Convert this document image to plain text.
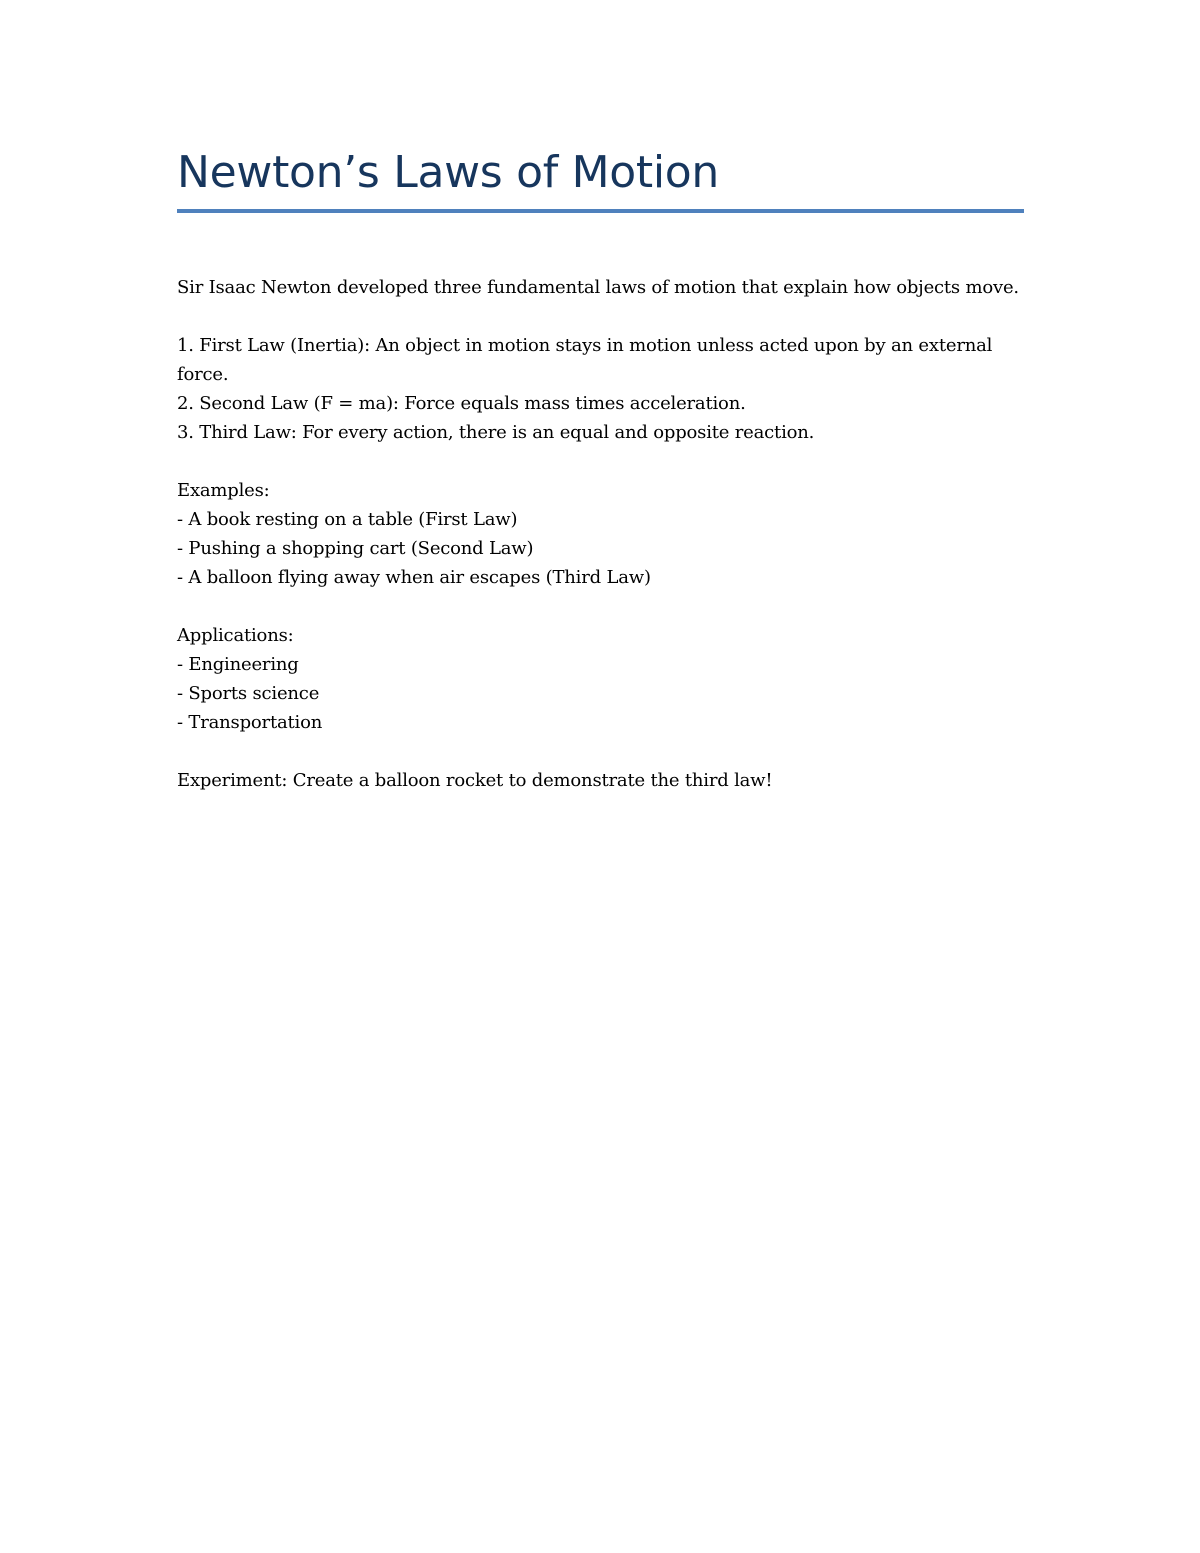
Newton’s Laws of Motion
Sir Isaac Newton developed three fundamental laws of motion that explain how objects move.
1. First Law (Inertia): An object in motion stays in motion unless acted upon by an external force.
2. Second Law (F = ma): Force equals mass times acceleration.
3. Third Law: For every action, there is an equal and opposite reaction.
Examples:
- A book resting on a table (First Law)
- Pushing a shopping cart (Second Law)
- A balloon flying away when air escapes (Third Law)
Applications:
- Engineering
- Sports science
- Transportation
Experiment: Create a balloon rocket to demonstrate the third law!
